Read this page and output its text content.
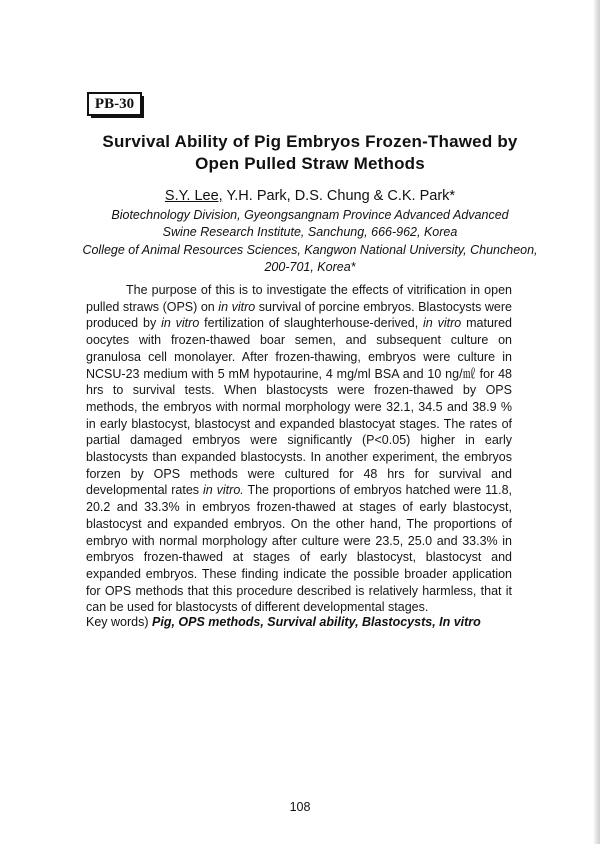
PB-30
Survival Ability of Pig Embryos Frozen-Thawed by
Open Pulled Straw Methods

S.Y. Lee, Y.H. Park, D.S. Chung & C.K. Park*

Biotechnology Division, Gyeongsangnam Province Advanced Advanced
Swine Research Institute, Sanchung, 666-962, Korea

College of Animal Resources Sciences, Kangwon National University, Chuncheon,
200-701, Korea*

The purpose of this is to investigate the effects of vitrification in open pulled straws (OPS) on in vitro survival of porcine embryos. Blastocysts were produced by in vitro fertilization of slaughterhouse-derived, in vitro matured oocytes with frozen-thawed boar semen, and subsequent culture on granulosa cell monolayer. After frozen-thawing, embryos were culture in NCSU-23 medium with 5 mM hypotaurine, 4 mg/ml BSA and 10 ng/㎖ for 48 hrs to survival tests. When blastocysts were frozen-thawed by OPS methods, the embryos with normal morphology were 32.1, 34.5 and 38.9 % in early blastocyst, blastocyst and expanded blastocyat stages. The rates of partial damaged embryos were significantly (P<0.05) higher in early blastocysts than expanded blastocysts. In another experiment, the embryos forzen by OPS methods were cultured for 48 hrs for survival and developmental rates in vitro. The proportions of embryos hatched were 11.8, 20.2 and 33.3% in embryos frozen-thawed at stages of early blastocyst, blastocyst and expanded embryos. On the other hand, The proportions of embryo with normal morphology after culture were 23.5, 25.0 and 33.3% in embryos frozen-thawed at stages of early blastocyst, blastocyst and expanded embryos. These finding indicate the possible broader application for OPS methods that this procedure described is relatively harmless, that it can be used for blastocysts of different developmental stages.

Key words) Pig, OPS methods, Survival ability, Blastocysts, In vitro

108
